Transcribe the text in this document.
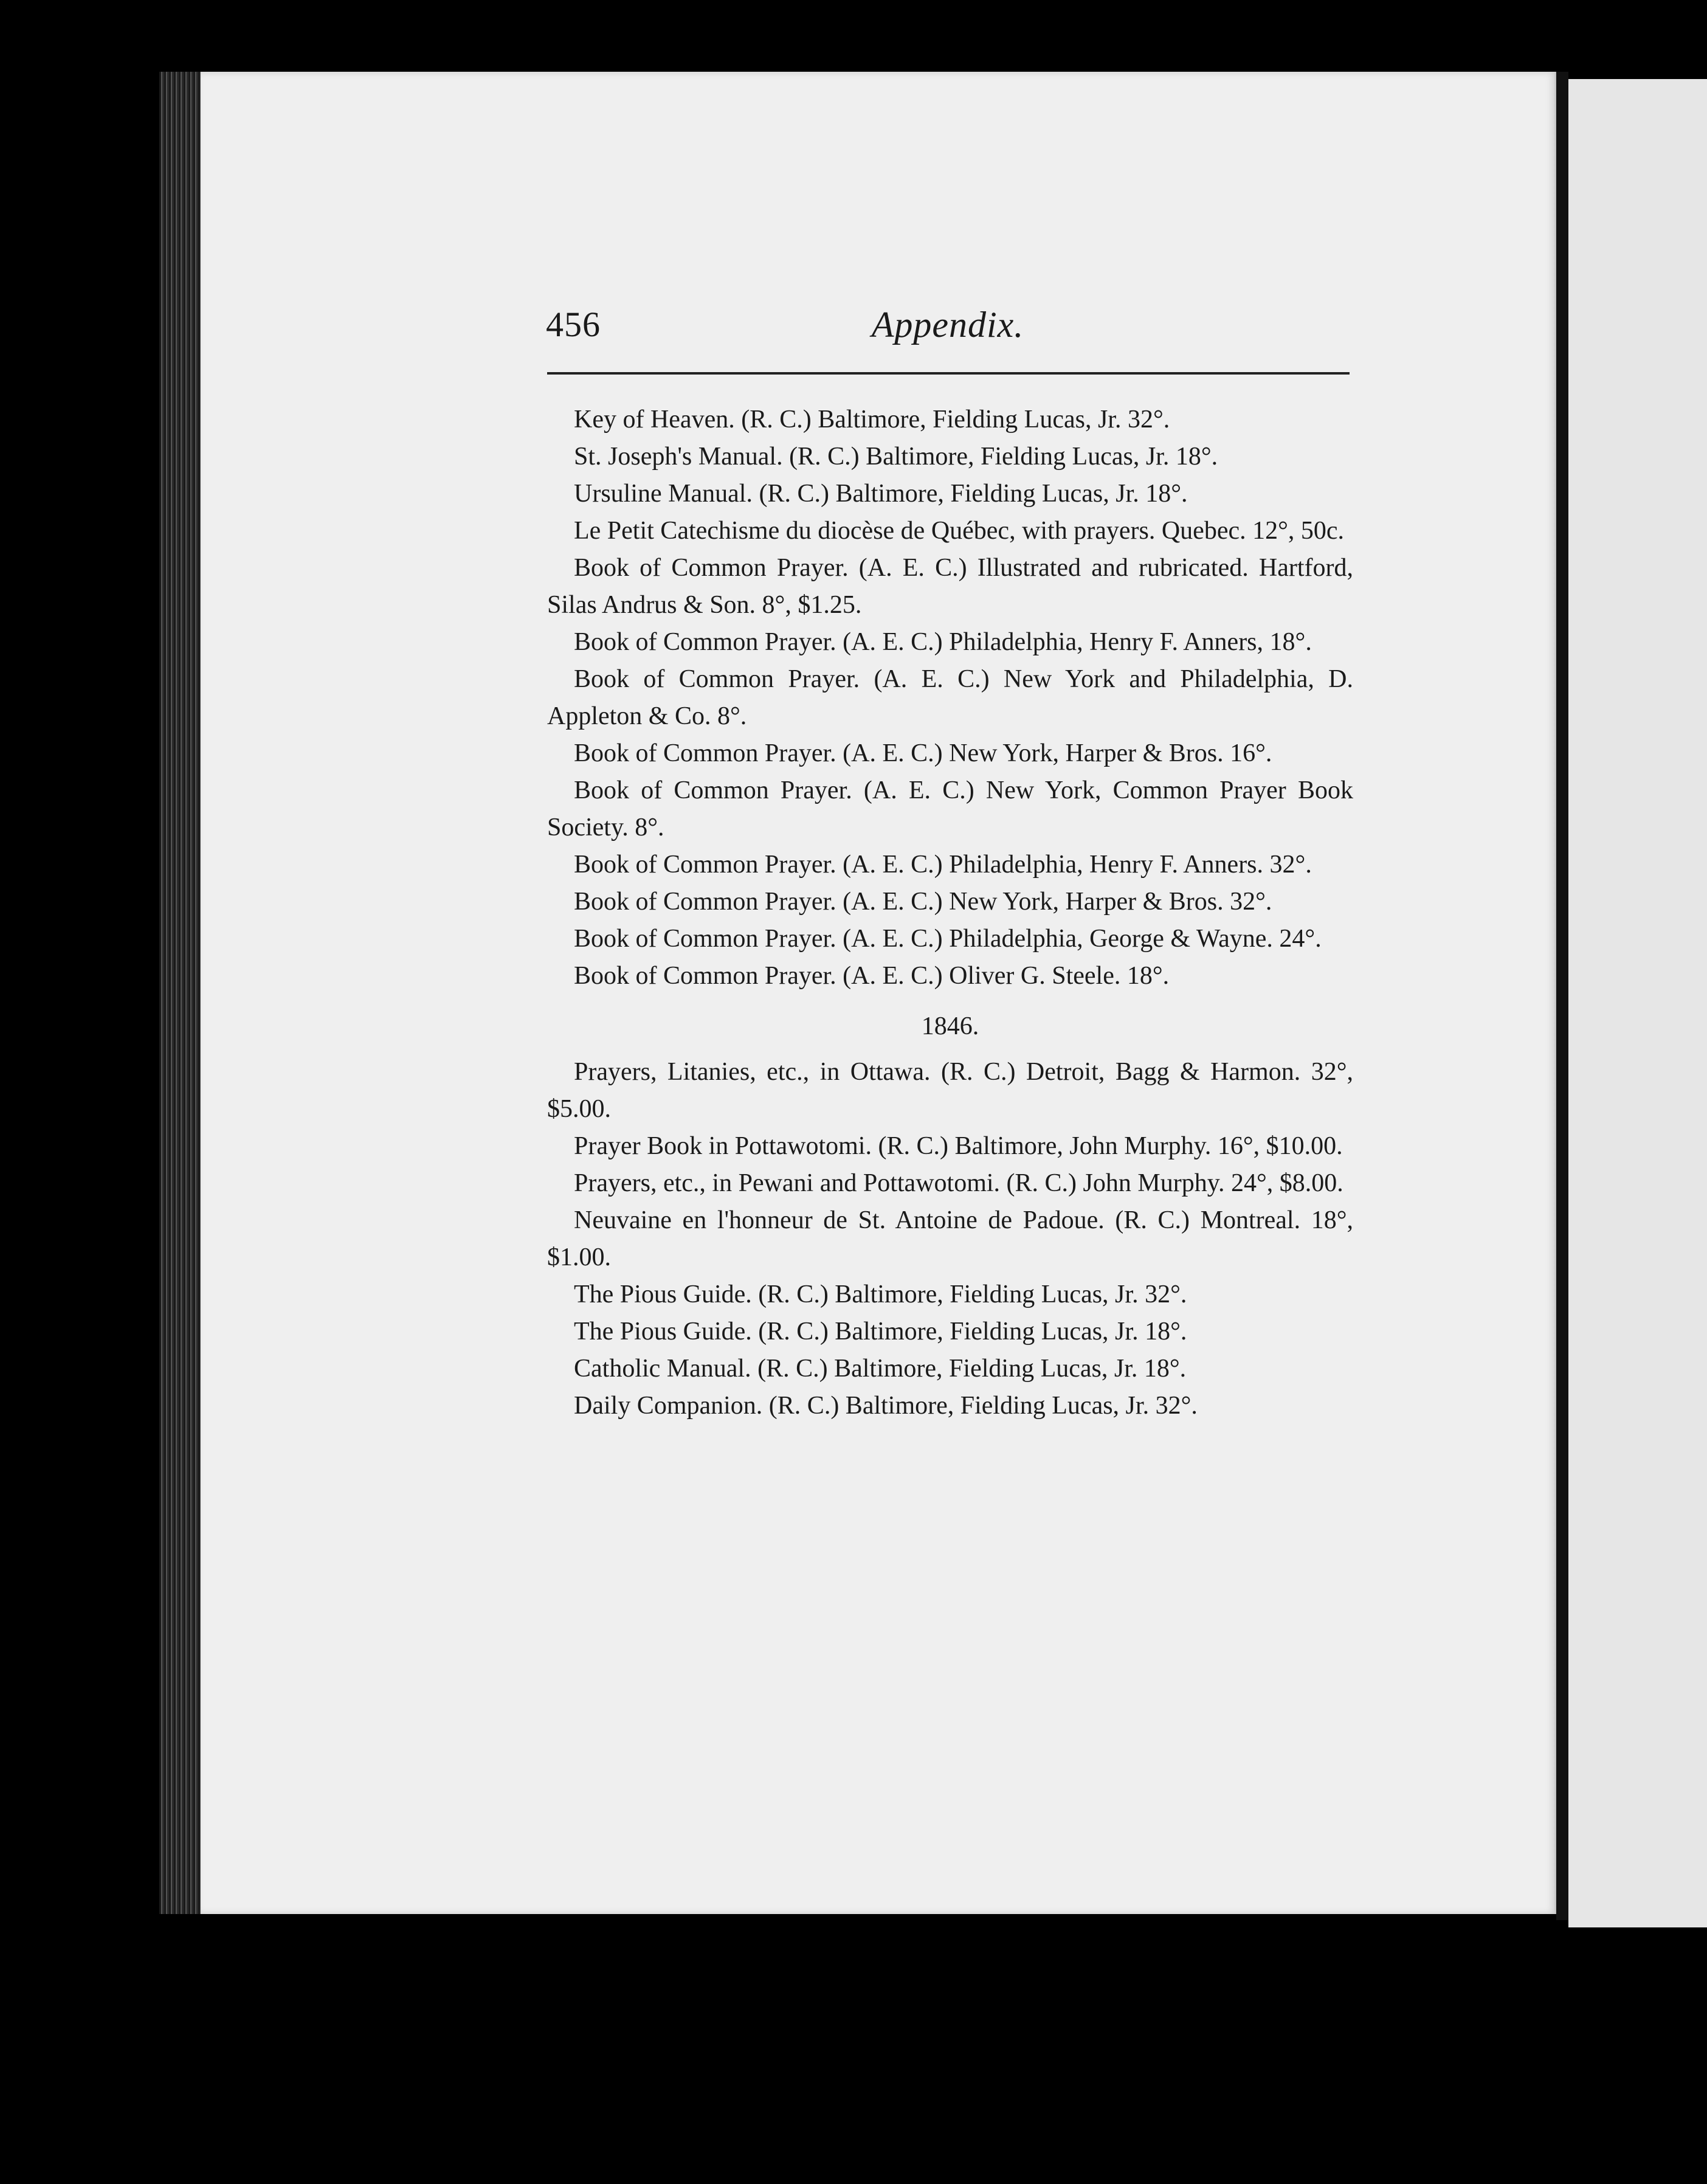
456	Appendix.

Key of Heaven. (R. C.) Baltimore, Fielding Lucas, Jr. 32°.

St. Joseph's Manual. (R. C.) Baltimore, Fielding Lucas, Jr. 18°.

Ursuline Manual. (R. C.) Baltimore, Fielding Lucas, Jr. 18°.

Le Petit Catechisme du diocèse de Québec, with prayers. Quebec. 12°, 50c.

Book of Common Prayer. (A. E. C.) Illustrated and rubricated. Hartford, Silas Andrus & Son. 8°, $1.25.

Book of Common Prayer. (A. E. C.) Philadelphia, Henry F. Anners, 18°.

Book of Common Prayer. (A. E. C.) New York and Philadelphia, D. Appleton & Co. 8°.

Book of Common Prayer. (A. E. C.) New York, Harper & Bros. 16°.

Book of Common Prayer. (A. E. C.) New York, Common Prayer Book Society. 8°.

Book of Common Prayer. (A. E. C.) Philadelphia, Henry F. Anners. 32°.

Book of Common Prayer. (A. E. C.) New York, Harper & Bros. 32°.

Book of Common Prayer. (A. E. C.) Philadelphia, George & Wayne. 24°.

Book of Common Prayer. (A. E. C.) Oliver G. Steele. 18°.

1846.

Prayers, Litanies, etc., in Ottawa. (R. C.) Detroit, Bagg & Harmon. 32°, $5.00.

Prayer Book in Pottawotomi. (R. C.) Baltimore, John Murphy. 16°, $10.00.

Prayers, etc., in Pewani and Pottawotomi. (R. C.) John Murphy. 24°, $8.00.

Neuvaine en l'honneur de St. Antoine de Padoue. (R. C.) Montreal. 18°, $1.00.

The Pious Guide. (R. C.) Baltimore, Fielding Lucas, Jr. 32°.

The Pious Guide. (R. C.) Baltimore, Fielding Lucas, Jr. 18°.

Catholic Manual. (R. C.) Baltimore, Fielding Lucas, Jr. 18°.

Daily Companion. (R. C.) Baltimore, Fielding Lucas, Jr. 32°.
